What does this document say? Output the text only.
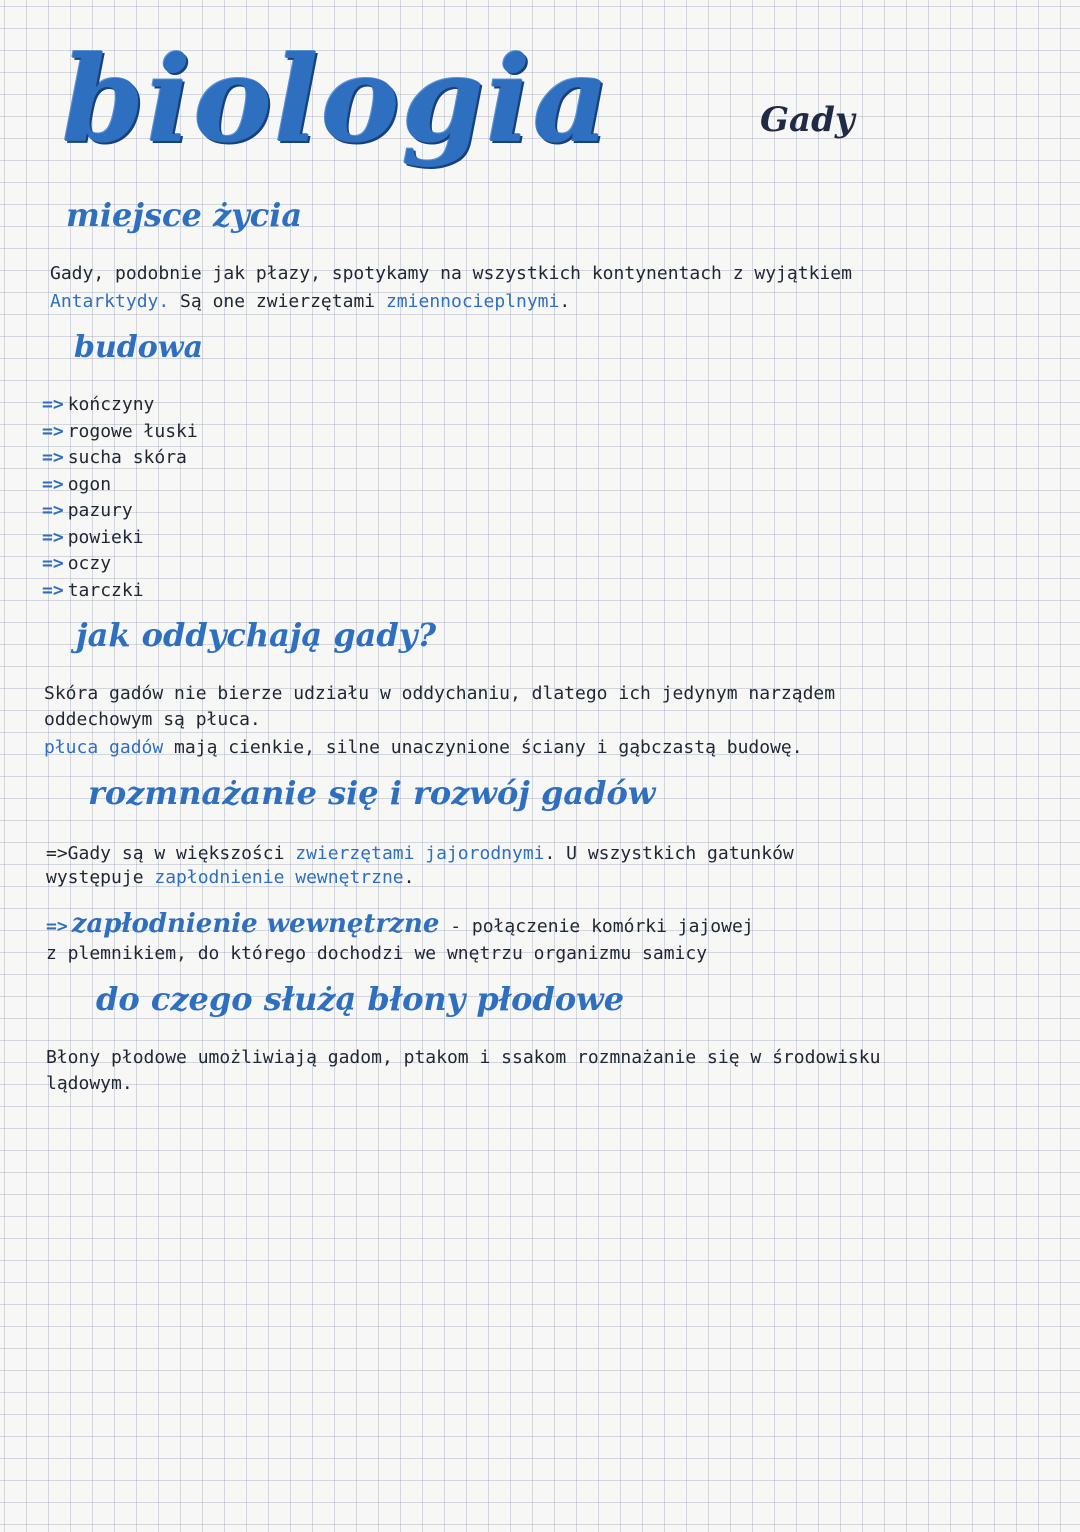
biologia	Gady
miejsce życia
Gady, podobnie jak płazy, spotykamy na wszystkich kontynentach z wyjątkiem
Antarktydy. Są one zwierzętami zmiennocieplnymi.
budowa
=> kończyny
=> rogowe łuski
=> sucha skóra
=> ogon
=> pazury
=> powieki
=> oczy
=> tarczki
jak oddychają gady?
Skóra gadów nie bierze udziału w oddychaniu, dlatego ich jedynym narządem
oddechowym są płuca.
płuca gadów mają cienkie, silne unaczynione ściany i gąbczastą budowę.
rozmnażanie się i rozwój gadów
=>Gady są w większości zwierzętami jajorodnymi. U wszystkich gatunków
występuje zapłodnienie wewnętrzne.
=> zapłodnienie wewnętrzne - połączenie komórki jajowej
z plemnikiem, do którego dochodzi we wnętrzu organizmu samicy
do czego służą błony płodowe
Błony płodowe umożliwiają gadom, ptakom i ssakom rozmnażanie się w środowisku
lądowym.
